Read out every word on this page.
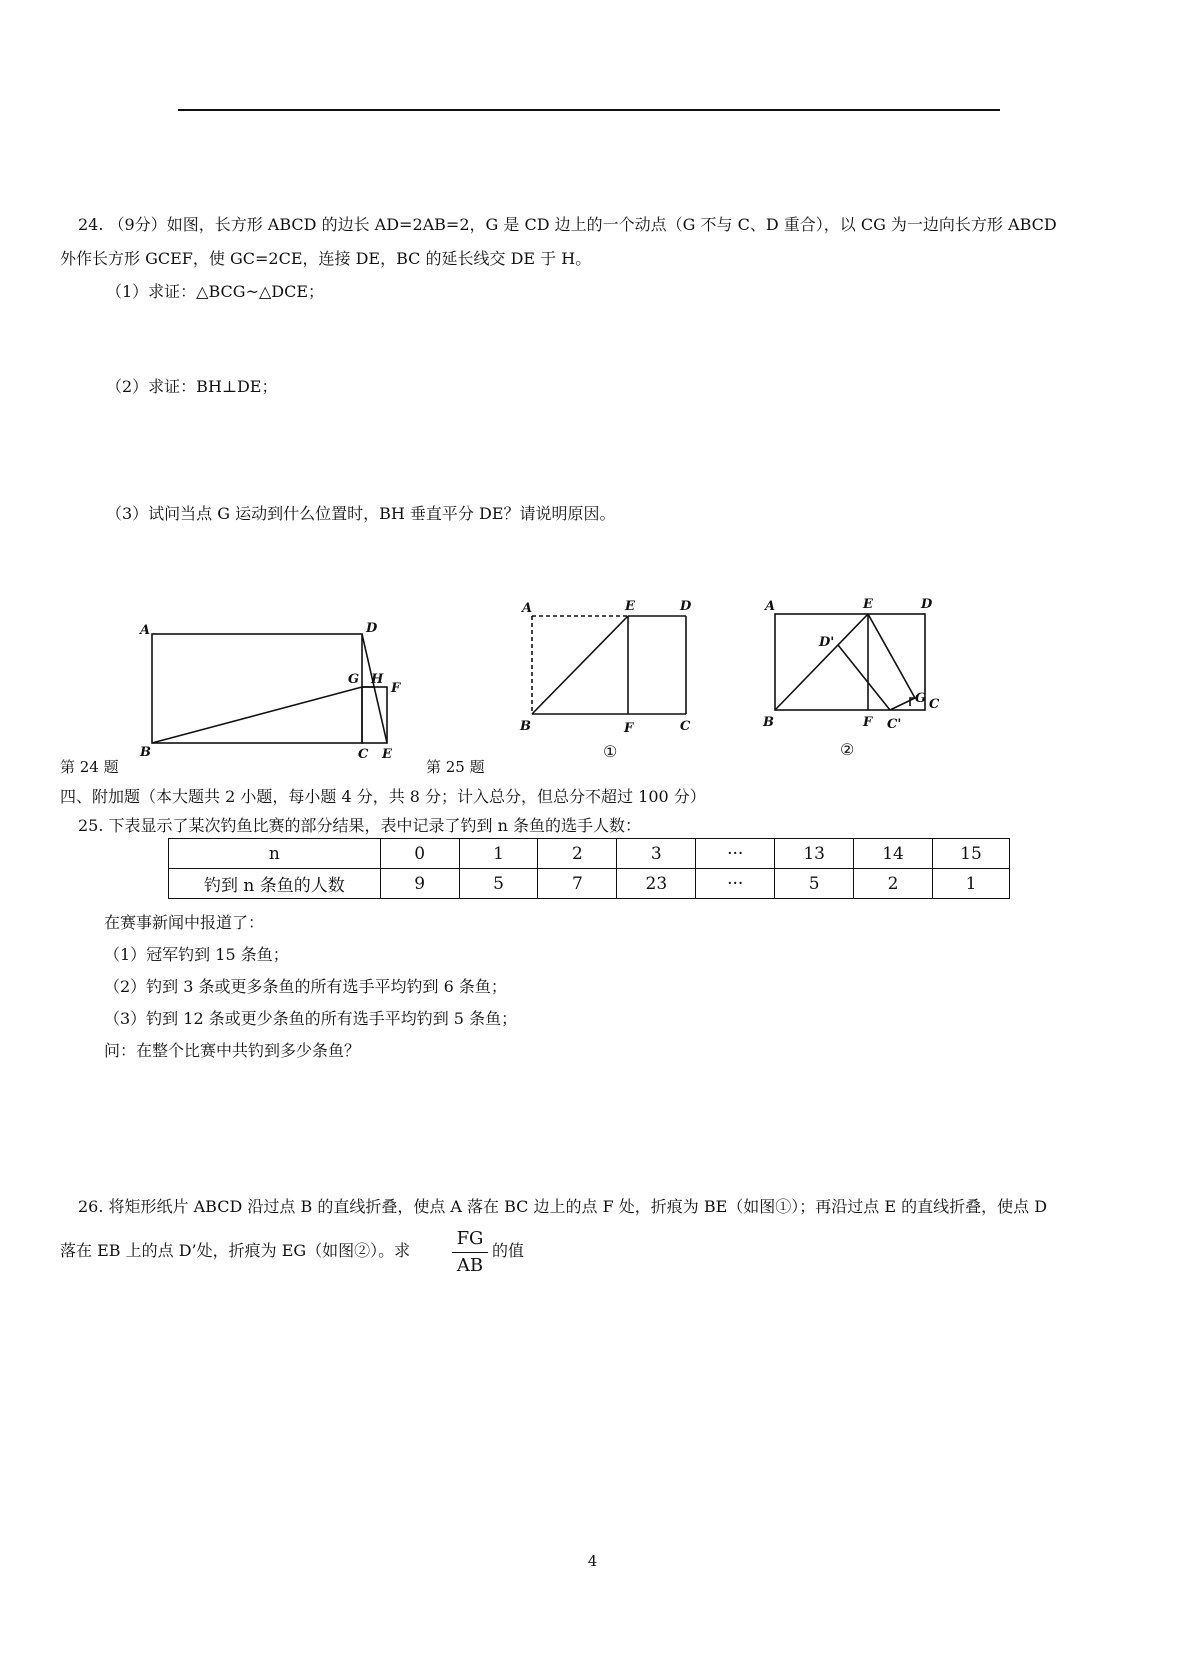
24. （9分）如图，长方形 ABCD 的边长 AD=2AB=2，G 是 CD 边上的一个动点（G 不与 C、D 重合），以 CG 为一边向长方形 ABCD
外作长方形 GCEF，使 GC=2CE，连接 DE，BC 的延长线交 DE 于 H。
（1）求证：△BCG~△DCE；
（2）求证：BH⊥DE；
（3）试问当点 G 运动到什么位置时，BH 垂直平分 DE？请说明原因。
A
B	C
D
E
F
G H
A
B	C
D
E
F
①
A
B
C
D
E
F
G
D'
C'
②
第 24 题	第 25 题
四、附加题（本大题共 2 小题，每小题 4 分，共 8 分；计入总分，但总分不超过 100 分）
25. 下表显示了某次钓鱼比赛的部分结果，表中记录了钓到 n 条鱼的选手人数：
n	0	1	2	3	···	13	14	15
钓到 n 条鱼的人数	9	5	7	23	···	5	2	1
在赛事新闻中报道了：
（1）冠军钓到 15 条鱼；
（2）钓到 3 条或更多条鱼的所有选手平均钓到 6 条鱼；
（3）钓到 12 条或更少条鱼的所有选手平均钓到 5 条鱼；
问：在整个比赛中共钓到多少条鱼？
26. 将矩形纸片 ABCD 沿过点 B 的直线折叠，使点 A 落在 BC 边上的点 F 处，折痕为 BE（如图①）；再沿过点 E 的直线折叠，使点 D
落在 EB 上的点 D’处，折痕为 EG（如图②）。求
FG
AB
的值
4
